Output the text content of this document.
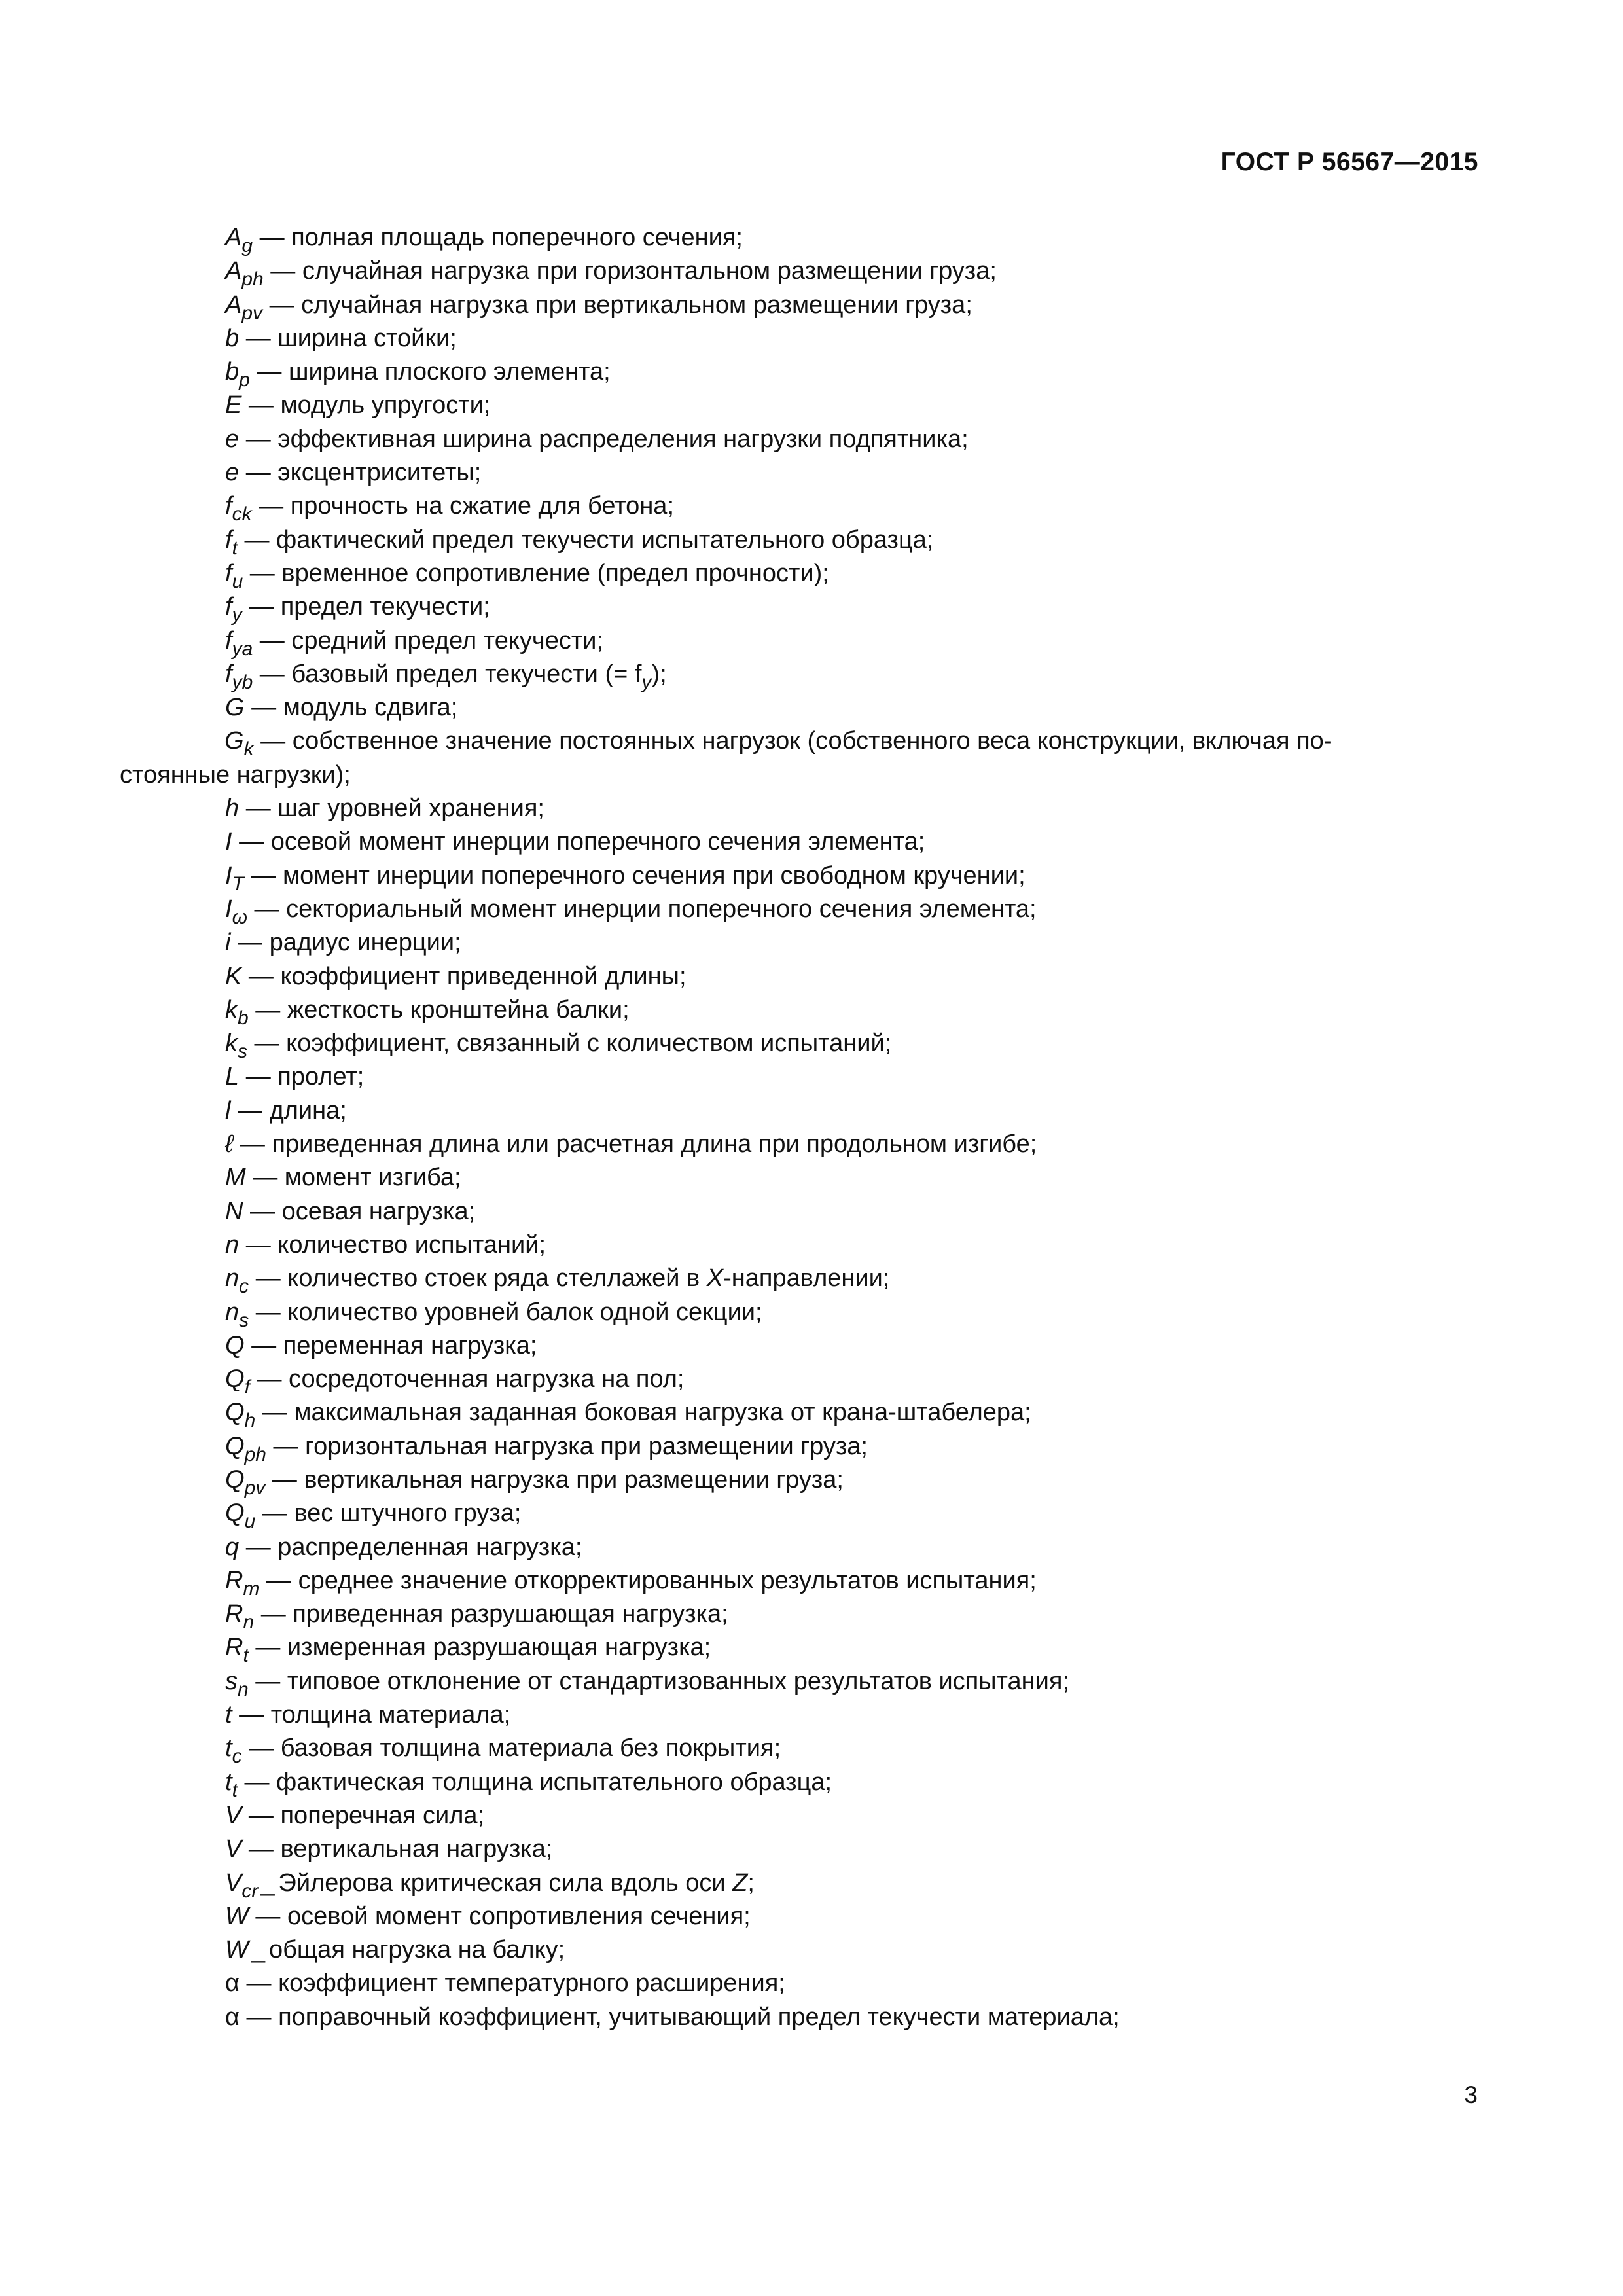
ГОСТ Р 56567—2015
$A_g$ — полная площадь поперечного сечения;
$A_{ph}$ — случайная нагрузка при горизонтальном размещении груза;
$A_{pv}$ — случайная нагрузка при вертикальном размещении груза;
b — ширина стойки;
$b_p$ — ширина плоского элемента;
E — модуль упругости;
e — эффективная ширина распределения нагрузки подпятника;
e — эксцентриситеты;
$f_{ck}$ — прочность на сжатие для бетона;
$f_t$ — фактический предел текучести испытательного образца;
$f_u$ — временное сопротивление (предел прочности);
$f_y$ — предел текучести;
$f_{ya}$ — средний предел текучести;
$f_{yb}$ — базовый предел текучести (= $f_y$);
G — модуль сдвига;
$G_k$ — собственное значение постоянных нагрузок (собственного веса конструкции, включая по-
стоянные нагрузки);
h — шаг уровней хранения;
I — осевой момент инерции поперечного сечения элемента;
$I_T$ — момент инерции поперечного сечения при свободном кручении;
$I_\omega$ — секториальный момент инерции поперечного сечения элемента;
i — радиус инерции;
K — коэффициент приведенной длины;
$k_b$ — жесткость кронштейна балки;
$k_s$ — коэффициент, связанный с количеством испытаний;
L — пролет;
l — длина;
ℓ — приведенная длина или расчетная длина при продольном изгибе;
M — момент изгиба;
N — осевая нагрузка;
n — количество испытаний;
$n_c$ — количество стоек ряда стеллажей в X-направлении;
$n_s$ — количество уровней балок одной секции;
Q — переменная нагрузка;
$Q_f$ — сосредоточенная нагрузка на пол;
$Q_h$ — максимальная заданная боковая нагрузка от крана-штабелера;
$Q_{ph}$ — горизонтальная нагрузка при размещении груза;
$Q_{pv}$ — вертикальная нагрузка при размещении груза;
$Q_u$ — вес штучного груза;
q — распределенная нагрузка;
$R_m$ — среднее значение откорректированных результатов испытания;
$R_n$ — приведенная разрушающая нагрузка;
$R_t$ — измеренная разрушающая нагрузка;
$s_n$ — типовое отклонение от стандартизованных результатов испытания;
t — толщина материала;
$t_c$ — базовая толщина материала без покрытия;
$t_t$ — фактическая толщина испытательного образца;
V — поперечная сила;
V — вертикальная нагрузка;
$V_{cr}$ _ Эйлерова критическая сила вдоль оси Z;
W — осевой момент сопротивления сечения;
W _ общая нагрузка на балку;
α — коэффициент температурного расширения;
α — поправочный коэффициент, учитывающий предел текучести материала;
3
